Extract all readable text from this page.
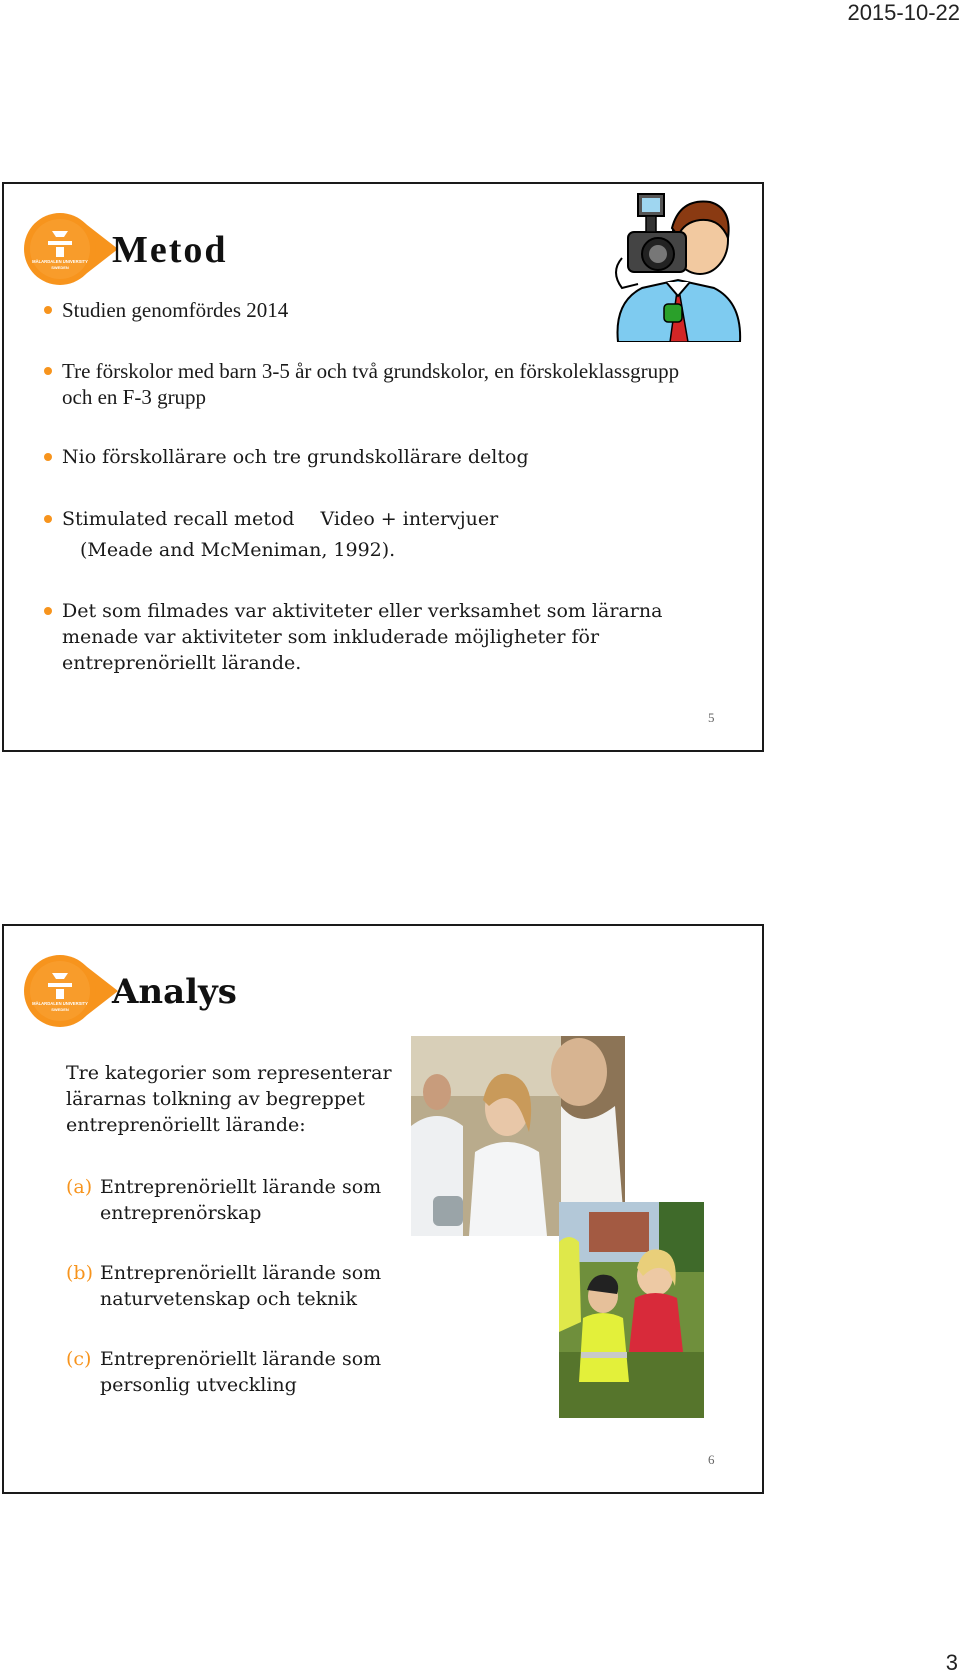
2015-10-22
MÄLARDALEN UNIVERSITY
SWEDEN Metod
Studien genomfördes 2014
Tre förskolor med barn 3-5 år och två grundskolor, en förskoleklassgrupp och en F-3 grupp
Nio förskollärare och tre grundskollärare deltog
Stimulated recall metod Video + intervjuer
(Meade and McMeniman, 1992).
Det som filmades var aktiviteter eller verksamhet som lärarna menade var aktiviteter som inkluderade möjligheter för entreprenöriellt lärande.
5
MÄLARDALEN UNIVERSITY
SWEDEN Analys
Tre kategorier som representerar lärarnas tolkning av begreppet entreprenöriellt lärande:
(a) Entreprenöriellt lärande som entreprenörskap
(b) Entreprenöriellt lärande som naturvetenskap och teknik
(c) Entreprenöriellt lärande som personlig utveckling
6
3
